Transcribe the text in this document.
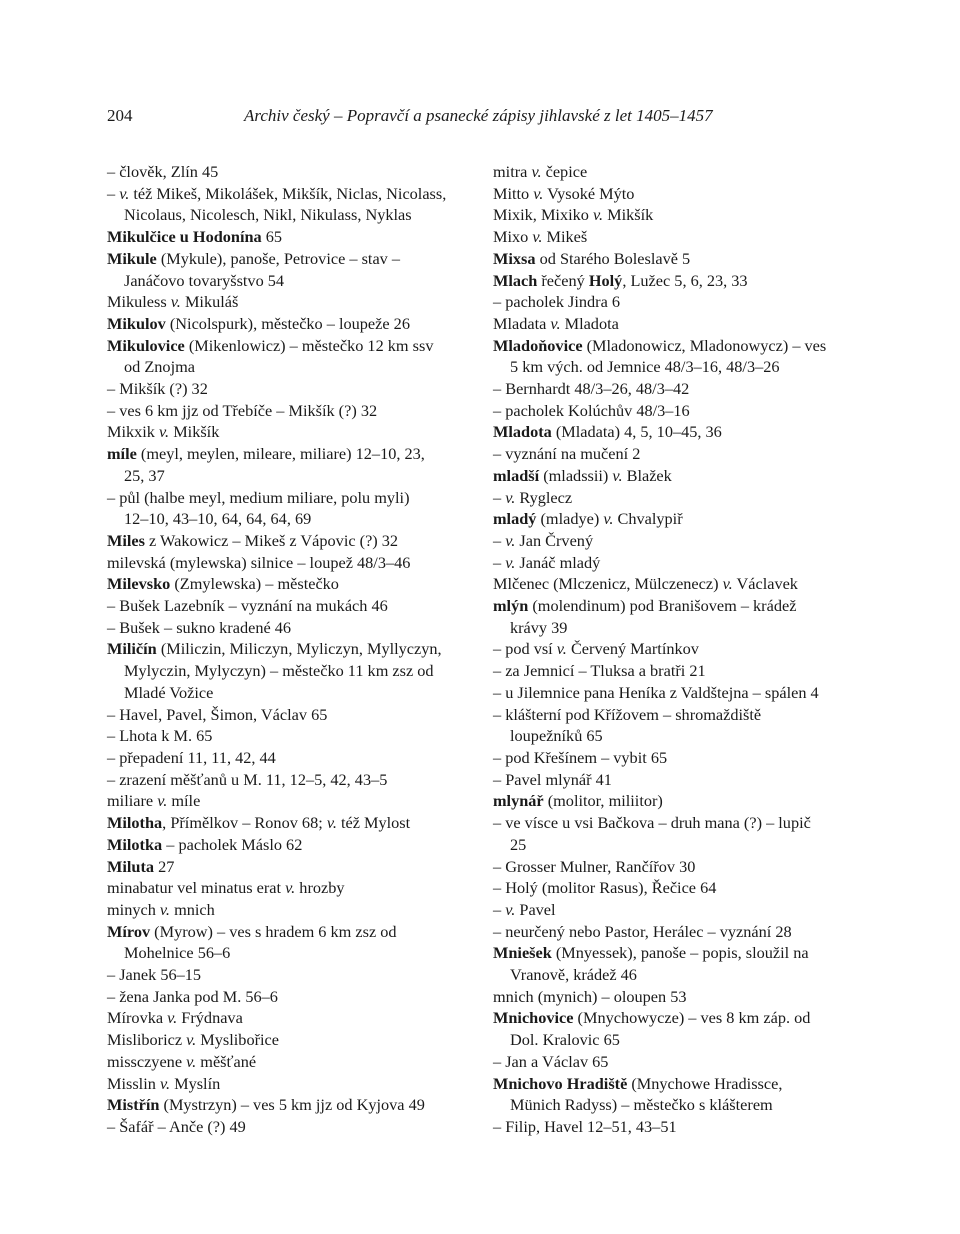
204	Archiv český – Popravčí a psanecké zápisy jihlavské z let 1405–1457
– člověk, Zlín 45
– v. též Mikeš, Mikolášek, Mikšík, Niclas, Nicolass,
Nicolaus, Nicolesch, Nikl, Nikulass, Nyklas
Mikulčice u Hodonína 65
Mikule (Mykule), panoše, Petrovice – stav –
Janáčovo tovaryšstvo 54
Mikuless v. Mikuláš
Mikulov (Nicolspurk), městečko – loupeže 26
Mikulovice (Mikenlowicz) – městečko 12 km ssv
od Znojma
– Mikšík (?) 32
– ves 6 km jjz od Třebíče – Mikšík (?) 32
Mikxik v. Mikšík
míle (meyl, meylen, mileare, miliare) 12–10, 23,
25, 37
– půl (halbe meyl, medium miliare, polu myli)
12–10, 43–10, 64, 64, 64, 69
Miles z Wakowicz – Mikeš z Vápovic (?) 32
milevská (mylewska) silnice – loupež 48/3–46
Milevsko (Zmylewska) – městečko
– Bušek Lazebník – vyznání na mukách 46
– Bušek – sukno kradené 46
Miličín (Miliczin, Miliczyn, Myliczyn, Myllyczyn,
Mylyczin, Mylyczyn) – městečko 11 km zsz od
Mladé Vožice
– Havel, Pavel, Šimon, Václav 65
– Lhota k M. 65
– přepadení 11, 11, 42, 44
– zrazení měšťanů u M. 11, 12–5, 42, 43–5
miliare v. míle
Milotha, Přímělkov – Ronov 68; v. též Mylost
Milotka – pacholek Máslo 62
Miluta 27
minabatur vel minatus erat v. hrozby
minych v. mnich
Mírov (Myrow) – ves s hradem 6 km zsz od
Mohelnice 56–6
– Janek 56–15
– žena Janka pod M. 56–6
Mírovka v. Frýdnava
Misliboricz v. Myslibořice
missczyene v. měšťané
Misslin v. Myslín
Mistřín (Mystrzyn) – ves 5 km jjz od Kyjova 49
– Šafář – Anče (?) 49
mitra v. čepice
Mitto v. Vysoké Mýto
Mixik, Mixiko v. Mikšík
Mixo v. Mikeš
Mixsa od Starého Boleslavě 5
Mlach řečený Holý, Lužec 5, 6, 23, 33
– pacholek Jindra 6
Mladata v. Mladota
Mladoňovice (Mladonowicz, Mladonowycz) – ves
5 km vých. od Jemnice 48/3–16, 48/3–26
– Bernhardt 48/3–26, 48/3–42
– pacholek Kolúchův 48/3–16
Mladota (Mladata) 4, 5, 10–45, 36
– vyznání na mučení 2
mladší (mladssii) v. Blažek
– v. Ryglecz
mladý (mladye) v. Chvalypiř
– v. Jan Črvený
– v. Janáč mladý
Mlčenec (Mlczenicz, Mülczenecz) v. Václavek
mlýn (molendinum) pod Branišovem – krádež
krávy 39
– pod vsí v. Červený Martínkov
– za Jemnicí – Tluksa a bratři 21
– u Jilemnice pana Heníka z Valdštejna – spálen 4
– klášterní pod Křížovem – shromaždiště
loupežníků 65
– pod Křešínem – vybit 65
– Pavel mlynář 41
mlynář (molitor, miliitor)
– ve víscе u vsi Bačkova – druh mana (?) – lupič
25
– Grosser Mulner, Rančířov 30
– Holý (molitor Rasus), Řečice 64
– v. Pavel
– neurčený nebo Pastor, Herálec – vyznání 28
Mniešek (Mnyessek), panoše – popis, sloužil na
Vranově, krádež 46
mnich (mynich) – oloupen 53
Mnichovice (Mnychowycze) – ves 8 km záp. od
Dol. Kralovic 65
– Jan a Václav 65
Mnichovo Hradiště (Mnychowe Hradissce,
Münich Radyss) – městečko s klášterem
– Filip, Havel 12–51, 43–51
